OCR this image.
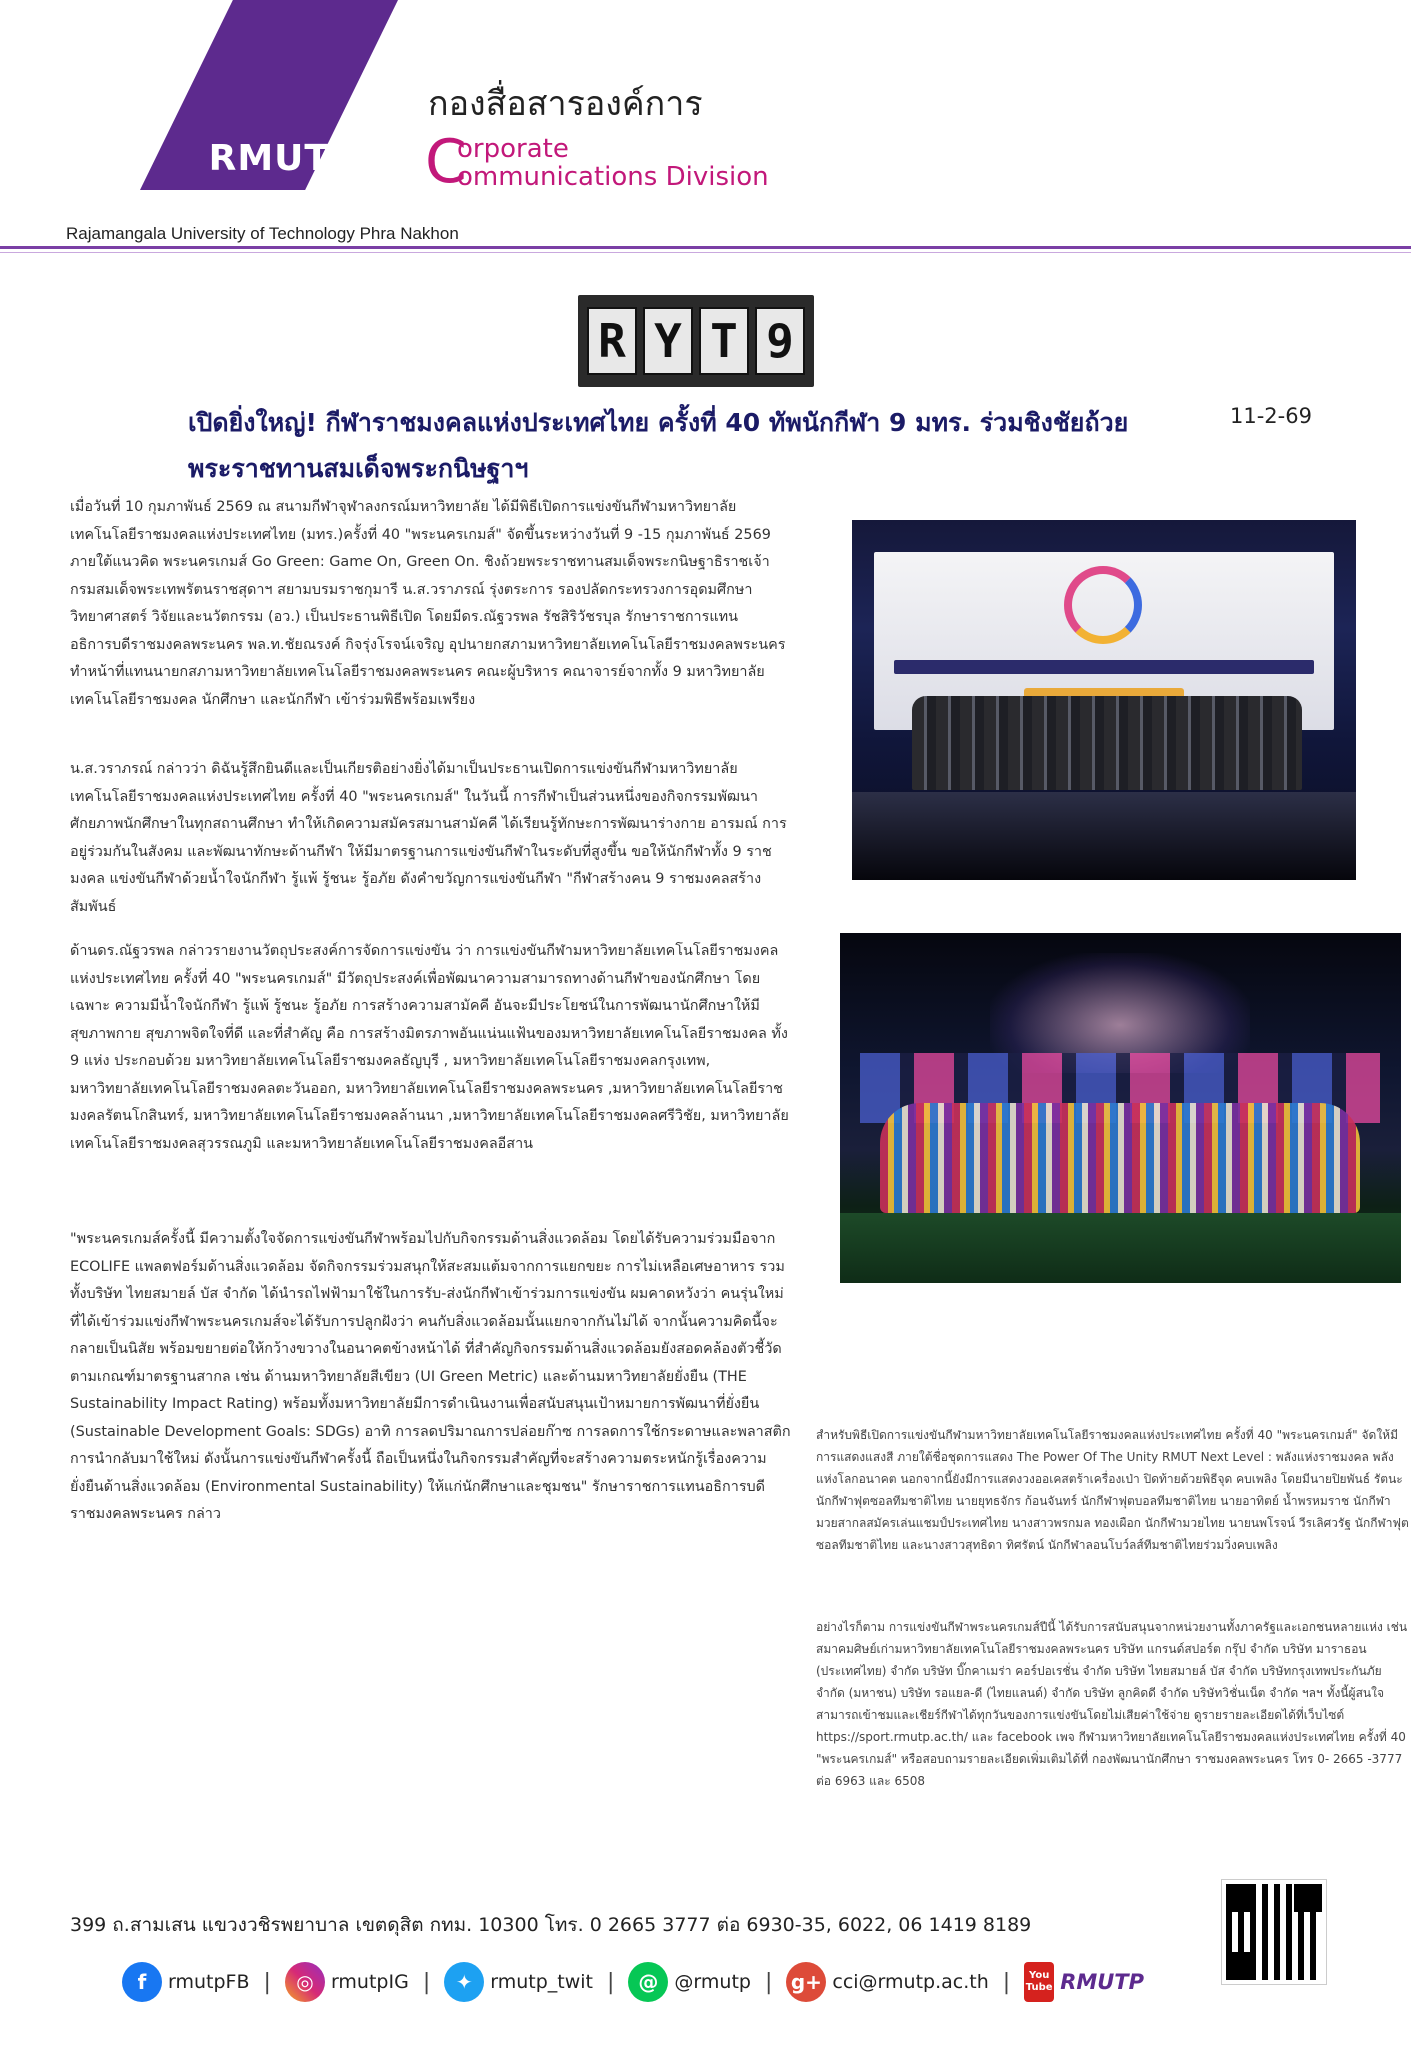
RMUTP
กองสื่อสารองค์การ
C
orporate
ommunications Division
Rajamangala University of Technology Phra Nakhon
R Y T 9
เปิดยิ่งใหญ่! กีฬาราชมงคลแห่งประเทศไทย ครั้งที่ 40 ทัพนักกีฬา 9 มทร. ร่วมชิงชัยถ้วยพระราชทานสมเด็จพระกนิษฐาฯ
11-2-69

เมื่อวันที่ 10 กุมภาพันธ์ 2569 ณ สนามกีฬาจุฬาลงกรณ์มหาวิทยาลัย ได้มีพิธีเปิดการแข่งขันกีฬามหาวิทยาลัยเทคโนโลยีราชมงคลแห่งประเทศไทย (มทร.)ครั้งที่ 40 "พระนครเกมส์" จัดขึ้นระหว่างวันที่ 9 -15 กุมภาพันธ์ 2569 ภายใต้แนวคิด พระนครเกมส์ Go Green: Game On, Green On. ชิงถ้วยพระราชทานสมเด็จพระกนิษฐาธิราชเจ้า กรมสมเด็จพระเทพรัตนราชสุดาฯ สยามบรมราชกุมารี น.ส.วราภรณ์ รุ่งตระการ รองปลัดกระทรวงการอุดมศึกษาวิทยาศาสตร์ วิจัยและนวัตกรรม (อว.) เป็นประธานพิธีเปิด โดยมีดร.ณัฐวรพล รัชสิริวัชรบุล รักษาราชการแทนอธิการบดีราชมงคลพระนคร พล.ท.ชัยณรงค์ กิจรุ่งโรจน์เจริญ อุปนายกสภามหาวิทยาลัยเทคโนโลยีราชมงคลพระนคร ทำหน้าที่แทนนายกสภามหาวิทยาลัยเทคโนโลยีราชมงคลพระนคร คณะผู้บริหาร คณาจารย์จากทั้ง 9 มหาวิทยาลัยเทคโนโลยีราชมงคล นักศึกษา และนักกีฬา เข้าร่วมพิธีพร้อมเพรียง

น.ส.วราภรณ์ กล่าวว่า ดิฉันรู้สึกยินดีและเป็นเกียรติอย่างยิ่งได้มาเป็นประธานเปิดการแข่งขันกีฬามหาวิทยาลัยเทคโนโลยีราชมงคลแห่งประเทศไทย ครั้งที่ 40 "พระนครเกมส์" ในวันนี้ การกีฬาเป็นส่วนหนึ่งของกิจกรรมพัฒนาศักยภาพนักศึกษาในทุกสถานศึกษา ทำให้เกิดความสมัครสมานสามัคคี ได้เรียนรู้ทักษะการพัฒนาร่างกาย อารมณ์ การอยู่ร่วมกันในสังคม และพัฒนาทักษะด้านกีฬา ให้มีมาตรฐานการแข่งขันกีฬาในระดับที่สูงขึ้น ขอให้นักกีฬาทั้ง 9 ราชมงคล แข่งขันกีฬาด้วยน้ำใจนักกีฬา รู้แพ้ รู้ชนะ รู้อภัย ดังคำขวัญการแข่งขันกีฬา "กีฬาสร้างคน 9 ราชมงคลสร้างสัมพันธ์

ด้านดร.ณัฐวรพล กล่าวรายงานวัตถุประสงค์การจัดการแข่งขัน ว่า การแข่งขันกีฬามหาวิทยาลัยเทคโนโลยีราชมงคลแห่งประเทศไทย ครั้งที่ 40 "พระนครเกมส์" มีวัตถุประสงค์เพื่อพัฒนาความสามารถทางด้านกีฬาของนักศึกษา โดยเฉพาะ ความมีน้ำใจนักกีฬา รู้แพ้ รู้ชนะ รู้อภัย การสร้างความสามัคคี อันจะมีประโยชน์ในการพัฒนานักศึกษาให้มี สุขภาพกาย สุขภาพจิตใจที่ดี และที่สำคัญ คือ การสร้างมิตรภาพอันแน่นแฟ้นของมหาวิทยาลัยเทคโนโลยีราชมงคล ทั้ง 9 แห่ง ประกอบด้วย มหาวิทยาลัยเทคโนโลยีราชมงคลธัญบุรี , มหาวิทยาลัยเทคโนโลยีราชมงคลกรุงเทพ, มหาวิทยาลัยเทคโนโลยีราชมงคลตะวันออก, มหาวิทยาลัยเทคโนโลยีราชมงคลพระนคร ,มหาวิทยาลัยเทคโนโลยีราชมงคลรัตนโกสินทร์, มหาวิทยาลัยเทคโนโลยีราชมงคลล้านนา ,มหาวิทยาลัยเทคโนโลยีราชมงคลศรีวิชัย, มหาวิทยาลัยเทคโนโลยีราชมงคลสุวรรณภูมิ และมหาวิทยาลัยเทคโนโลยีราชมงคลอีสาน

"พระนครเกมส์ครั้งนี้ มีความตั้งใจจัดการแข่งขันกีฬาพร้อมไปกับกิจกรรมด้านสิ่งแวดล้อม โดยได้รับความร่วมมือจาก ECOLIFE แพลตฟอร์มด้านสิ่งแวดล้อม จัดกิจกรรมร่วมสนุกให้สะสมแต้มจากการแยกขยะ การไม่เหลือเศษอาหาร รวมทั้งบริษัท ไทยสมายล์ บัส จำกัด ได้นำรถไฟฟ้ามาใช้ในการรับ-ส่งนักกีฬาเข้าร่วมการแข่งขัน ผมคาดหวังว่า คนรุ่นใหม่ที่ได้เข้าร่วมแข่งกีฬาพระนครเกมส์จะได้รับการปลูกฝังว่า คนกับสิ่งแวดล้อมนั้นแยกจากกันไม่ได้ จากนั้นความคิดนี้จะกลายเป็นนิสัย พร้อมขยายต่อให้กว้างขวางในอนาคตข้างหน้าได้ ที่สำคัญกิจกรรมด้านสิ่งแวดล้อมยังสอดคล้องตัวชี้วัดตามเกณฑ์มาตรฐานสากล เช่น ด้านมหาวิทยาลัยสีเขียว (UI Green Metric) และด้านมหาวิทยาลัยยั่งยืน (THE Sustainability Impact Rating) พร้อมทั้งมหาวิทยาลัยมีการดำเนินงานเพื่อสนับสนุนเป้าหมายการพัฒนาที่ยั่งยืน (Sustainable Development Goals: SDGs) อาทิ การลดปริมาณการปล่อยก๊าซ การลดการใช้กระดาษและพลาสติก การนำกลับมาใช้ใหม่ ดังนั้นการแข่งขันกีฬาครั้งนี้ ถือเป็นหนึ่งในกิจกรรมสำคัญที่จะสร้างความตระหนักรู้เรื่องความยั่งยืนด้านสิ่งแวดล้อม (Environmental Sustainability) ให้แก่นักศึกษาและชุมชน" รักษาราชการแทนอธิการบดี ราชมงคลพระนคร กล่าว

สำหรับพิธีเปิดการแข่งขันกีฬามหาวิทยาลัยเทคโนโลยีราชมงคลแห่งประเทศไทย ครั้งที่ 40 "พระนครเกมส์" จัดให้มีการแสดงแสงสี ภายใต้ชื่อชุดการแสดง The Power Of The Unity RMUT Next Level : พลังแห่งราชมงคล พลังแห่งโลกอนาคต นอกจากนี้ยังมีการแสดงวงออเคสตร้าเครื่องเป่า ปิดท้ายด้วยพิธีจุด คบเพลิง โดยมีนายปิยพันธ์ รัตนะ นักกีฬาฟุตซอลทีมชาติไทย นายยุทธจักร ก้อนจันทร์ นักกีฬาฟุตบอลทีมชาติไทย นายอาทิตย์ น้ำพรหมราช นักกีฬามวยสากลสมัครเล่นแชมป์ประเทศไทย นางสาวพรกมล ทองเผือก นักกีฬามวยไทย นายนพโรจน์ วีรเลิศวรัฐ นักกีฬาฟุตซอลทีมชาติไทย และนางสาวสุทธิดา ทิศรัตน์ นักกีฬาลอนโบว์ลส์ทีมชาติไทยร่วมวิ่งคบเพลิง

อย่างไรก็ตาม การแข่งขันกีฬาพระนครเกมส์ปีนี้ ได้รับการสนับสนุนจากหน่วยงานทั้งภาครัฐและเอกชนหลายแห่ง เช่น สมาคมศิษย์เก่ามหาวิทยาลัยเทคโนโลยีราชมงคลพระนคร บริษัท แกรนด์สปอร์ต กรุ๊ป จำกัด บริษัท มาราธอน (ประเทศไทย) จำกัด บริษัท บิ๊กคาเมร่า คอร์ปอเรชั่น จำกัด บริษัท ไทยสมายล์ บัส จำกัด บริษัทกรุงเทพประกันภัย จำกัด (มหาชน) บริษัท รอแยล-ดี (ไทยแลนด์) จำกัด บริษัท ลูกคิดดี จำกัด บริษัทวิชั่นเน็ต จำกัด ฯลฯ ทั้งนี้ผู้สนใจสามารถเข้าชมและเชียร์กีฬาได้ทุกวันของการแข่งขันโดยไม่เสียค่าใช้จ่าย ดูรายรายละเอียดได้ที่เว็บไซต์ https://sport.rmutp.ac.th/ และ facebook เพจ กีฬามหาวิทยาลัยเทคโนโลยีราชมงคลแห่งประเทศไทย ครั้งที่ 40 "พระนครเกมส์" หรือสอบถามรายละเอียดเพิ่มเติมได้ที่ กองพัฒนานักศึกษา ราชมงคลพระนคร โทร 0- 2665 -3777 ต่อ 6963 และ 6508

399 ถ.สามเสน แขวงวชิรพยาบาล เขตดุสิต กทม. 10300 โทร. 0 2665 3777 ต่อ 6930-35, 6022, 06 1419 8189
f	rmutpFB |	◎ rmutpIG |	✦ rmutp_twit |	@ @rmutp | g+ cci@rmutp.ac.th |	You
Tube RMUTP
